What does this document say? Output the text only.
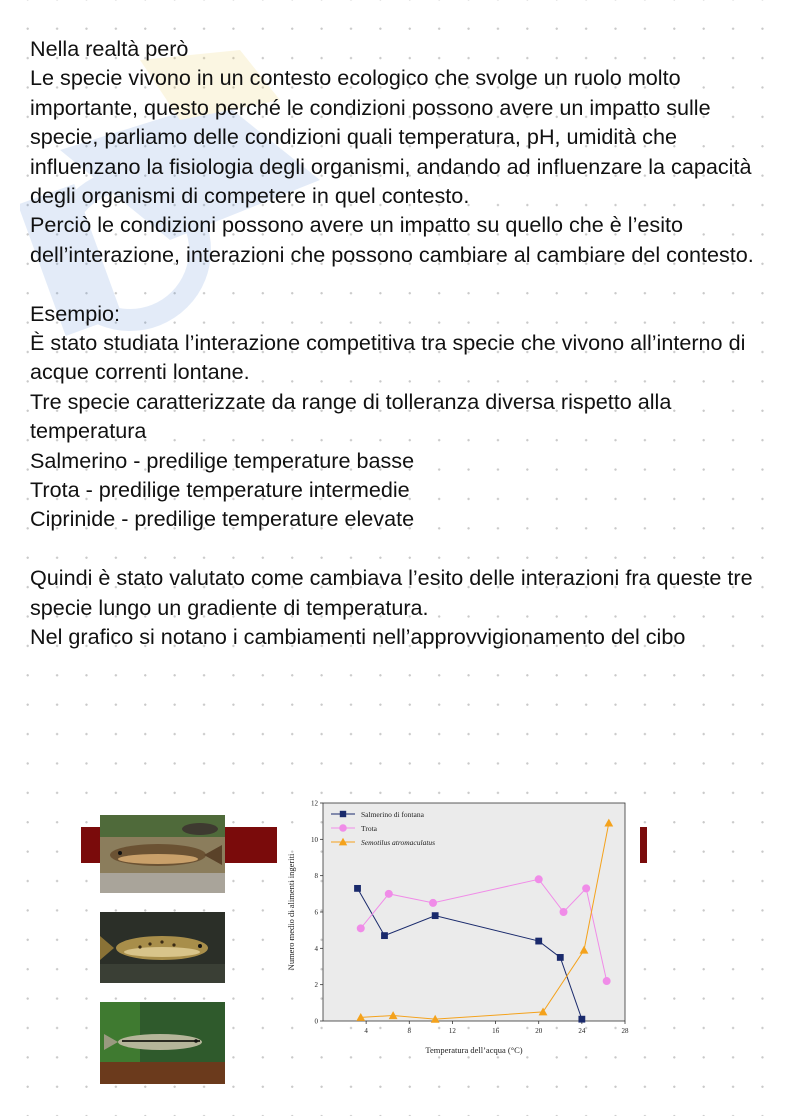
Nella realtà però

Le specie vivono in un contesto ecologico che svolge un ruolo molto importante, questo perché le condizioni possono avere un impatto sulle specie, parliamo delle condizioni quali temperatura, pH, umidità che influenzano la fisiologia degli organismi, andando ad influenzare la capacità degli organismi di competere in quel contesto.

Perciò le condizioni possono avere un impatto su quello che è l’esito dell’interazione, interazioni che possono cambiare al cambiare del contesto.

Esempio:

È stato studiata l’interazione competitiva tra specie che vivono all’interno di acque correnti lontane.

Tre specie caratterizzate da range di tolleranza diversa rispetto alla temperatura

Salmerino - predilige temperature basse

Trota - predilige temperature intermedie

Ciprinide - predilige temperature elevate

Quindi è stato valutato come cambiava l’esito delle interazioni fra queste tre specie lungo un gradiente di temperatura.

Nel grafico si notano i cambiamenti nell’approvvigionamento del cibo

0
2
4
6
8
10
12
4	8	12	16	20	24	28
Salmerino di fontana
Trota
Semotilus atromaculatus
Temperatura dell’acqua (°C)
Numero medio di alimenti ingeriti
